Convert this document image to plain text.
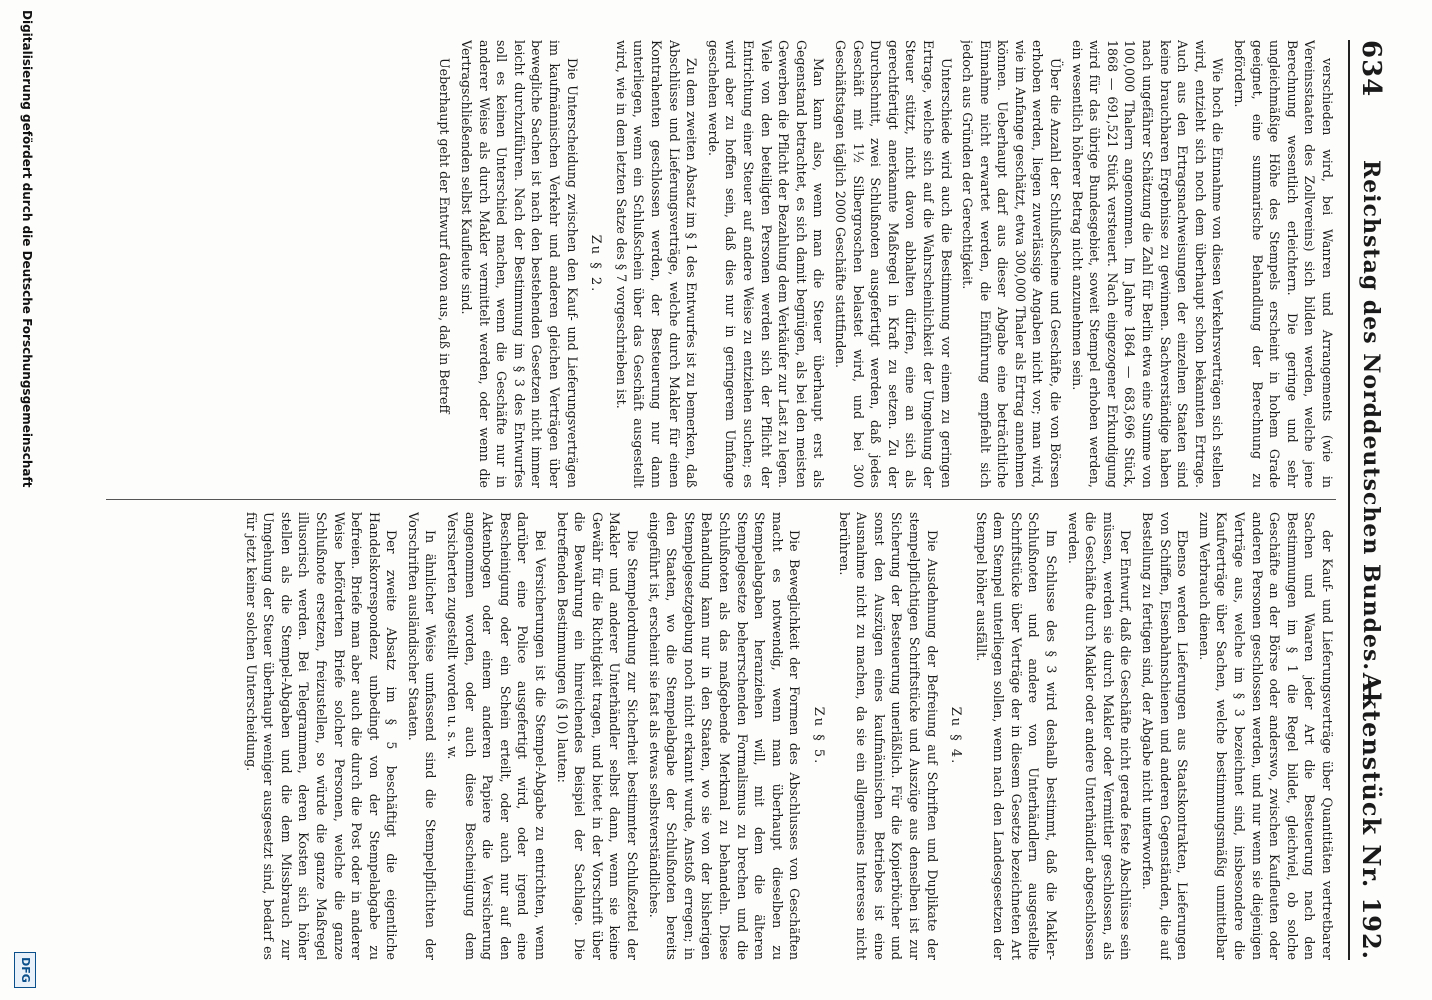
634
Reichstag des Norddeutschen Bundes. —
Aktenstück Nr. 192.

verschieden wird, bei Wanren und Arrangements (wie in Vereinsstaaten des Zollvereins) sich bilden werden, welche jene Berechnung wesentlich erleichtern. Die geringe und sehr ungleichmäßige Höhe des Stempels erscheint in hohem Grade geeignet, eine summarische Behandlung der Berechnung zu befördern.

Wie hoch die Einnahme von diesen Verkehrsverträgen sich stellen wird, entzieht sich noch dem überhaupt schon bekannten Ertrage. Auch aus den Ertragsnachweisungen der einzelnen Staaten sind keine brauchbaren Ergebnisse zu gewinnen. Sachverständige haben nach ungefährer Schätzung die Zahl für Berlin etwa eine Summe von 100,000 Thalern angenommen. Im Jahre 1864 — 683,696 Stück, 1868 — 691,521 Stück versteuert. Nach eingezogener Erkundigung wird für das übrige Bundesgebiet, soweit Stempel erhoben werden, ein wesentlich höherer Betrag nicht anzunehmen sein.

Über die Anzahl der Schlußscheine und Geschäfte, die von Börsen erhoben werden, liegen zuverlässige Angaben nicht vor; man wird, wie im Anfange geschätzt, etwa 300,000 Thaler als Ertrag annehmen können. Ueberhaupt darf aus dieser Abgabe eine beträchtliche Einnahme nicht erwartet werden, die Einführung empfiehlt sich jedoch aus Gründen der Gerechtigkeit.

Unterschiede wird auch die Bestimmung vor einem zu geringen Ertrage, welche sich auf die Wahrscheinlichkeit der Umgehung der Steuer stützt, nicht davon abhalten dürfen, eine an sich als gerechtfertigt anerkannte Maßregel in Kraft zu setzen. Zu der Durchschnitt, zwei Schlußnoten ausgefertigt werden, daß jedes Geschäft mit 1½ Silbergroschen belastet wird, und bei 300 Geschäftstagen täglich 2000 Geschäfte stattfinden.

Man kann also, wenn man die Steuer überhaupt erst als Gegenstand betrachtet, es sich damit begnügen, als bei den meisten Gewerben die Pflicht der Bezahlung dem Verkäufer zur Last zu legen. Viele von den beteiligten Personen werden sich der Pflicht der Entrichtung einer Steuer auf andere Weise zu entziehen suchen; es wird aber zu hoffen sein, daß dies nur in geringerem Umfange geschehen werde.

Zu dem zweiten Absatz im § 1 des Entwurfes ist zu bemerken, daß Abschlüsse und Lieferungsverträge, welche durch Makler für einen Kontrahenten geschlossen werden, der Besteuerung nur dann unterliegen, wenn ein Schlußschein über das Geschäft ausgestellt wird, wie in dem letzten Satze des § 7 vorgeschrieben ist.

Zu § 2.

Die Unterscheidung zwischen den Kauf- und Lieferungsverträgen im kaufmännischen Verkehr und anderen gleichen Verträgen über bewegliche Sachen ist nach den bestehenden Gesetzen nicht immer leicht durchzuführen. Nach der Bestimmung im § 3 des Entwurfes soll es keinen Unterschied machen, wenn die Geschäfte nur in anderer Weise als durch Makler vermittelt werden, oder wenn die Vertragschließenden selbst Kaufleute sind.

Ueberhaupt geht der Entwurf davon aus, daß in Betreff

der Kauf- und Lieferungsverträge über Quantitäten vertretbarer Sachen und Waaren jeder Art die Besteuerung nach den Bestimmungen im § 1 die Regel bildet, gleichviel, ob solche Geschäfte an der Börse oder anderswo, zwischen Kaufleuten oder anderen Personen geschlossen werden, und nur wenn sie diejenigen Verträge aus, welche im § 3 bezeichnet sind, insbesondere die Kaufverträge über Sachen, welche bestimmungsmäßig unmittelbar zum Verbrauch dienen.

Ebenso werden Lieferungen aus Staatskontrakten, Lieferungen von Schiffen, Eisenbahnschienen und anderen Gegenständen, die auf Bestellung zu fertigen sind, der Abgabe nicht unterworfen.

Der Entwurf, daß die Geschäfte nicht gerade feste Abschlüsse sein müssen, werden sie durch Makler oder Vermittler geschlossen, als die Geschäfte durch Makler oder andere Unterhändler abgeschlossen werden.

Im Schlusse des § 3 wird deshalb bestimmt, daß die Makler-Schlußnoten und andere von Unterhändlern ausgestellte Schriftstücke über Verträge der in diesem Gesetze bezeichneten Art dem Stempel unterliegen sollen, wenn nach den Landesgesetzen der Stempel höher ausfällt.

Zu § 4.

Die Ausdehnung der Befreiung auf Schriften und Duplikate der stempelpflichtigen Schriftstücke und Auszüge aus denselben ist zur Sicherung der Besteuerung unerläßlich. Für die Kopierbücher und sonst den Auszügen eines kaufmännischen Betriebes ist eine Ausnahme nicht zu machen, da sie ein allgemeines Interesse nicht berühren.

Zu § 5.

Die Beweglichkeit der Formen des Abschlusses von Geschäften macht es notwendig, wenn man überhaupt dieselben zu Stempelabgaben heranziehen will, mit dem die älteren Stempelgesetze beherrschenden Formalismus zu brechen und die Schlußnoten als das maßgebende Merkmal zu behandeln. Diese Behandlung kann nur in den Staaten, wo sie von der bisherigen Stempelgesetzgebung noch nicht erkannt wurde, Anstoß erregen; in den Staaten, wo die Stempelabgabe der Schlußnoten bereits eingeführt ist, erscheint sie fast als etwas selbstverständliches.

Die Stempelordnung zur Sicherheit bestimmter Schlußzettel der Makler und anderer Unterhändler selbst dann, wenn sie keine Gewähr für die Richtigkeit tragen, und bietet in der Vorschrift über die Bewahrung ein hinreichendes Beispiel der Sachlage. Die betreffenden Bestimmungen (§ 10) lauten:

Bei Versicherungen ist die Stempel-Abgabe zu entrichten, wenn darüber eine Police ausgefertigt wird, oder irgend eine Bescheinigung oder ein Schein erteilt, oder auch nur auf den Aktenbogen oder einem anderen Papiere die Versicherung angenommen worden, oder auch diese Bescheinigung dem Versicherten zugestellt worden u. s. w.

In ähnlicher Weise umfassend sind die Stempelpflichten der Vorschriften ausländischer Staaten.

Der zweite Absatz im § 5 beschäftigt die eigentliche Handelskorrespondenz unbedingt von der Stempelabgabe zu befreien. Briefe man aber auch die durch die Post oder in anderer Weise beförderten Briefe solcher Personen, welche die ganze Schlußnote ersetzen, freizustellen, so würde die ganze Maßregel illusorisch werden. Bei Telegrammen, deren Kosten sich höher stellen als die Stempel-Abgaben und die dem Missbrauch zur Umgehung der Steuer überhaupt weniger ausgesetzt sind, bedarf es für jetzt keiner solchen Unterscheidung.

Digitalisierung gefördert durch die Deutsche Forschungsgemeinschaft
DFG
